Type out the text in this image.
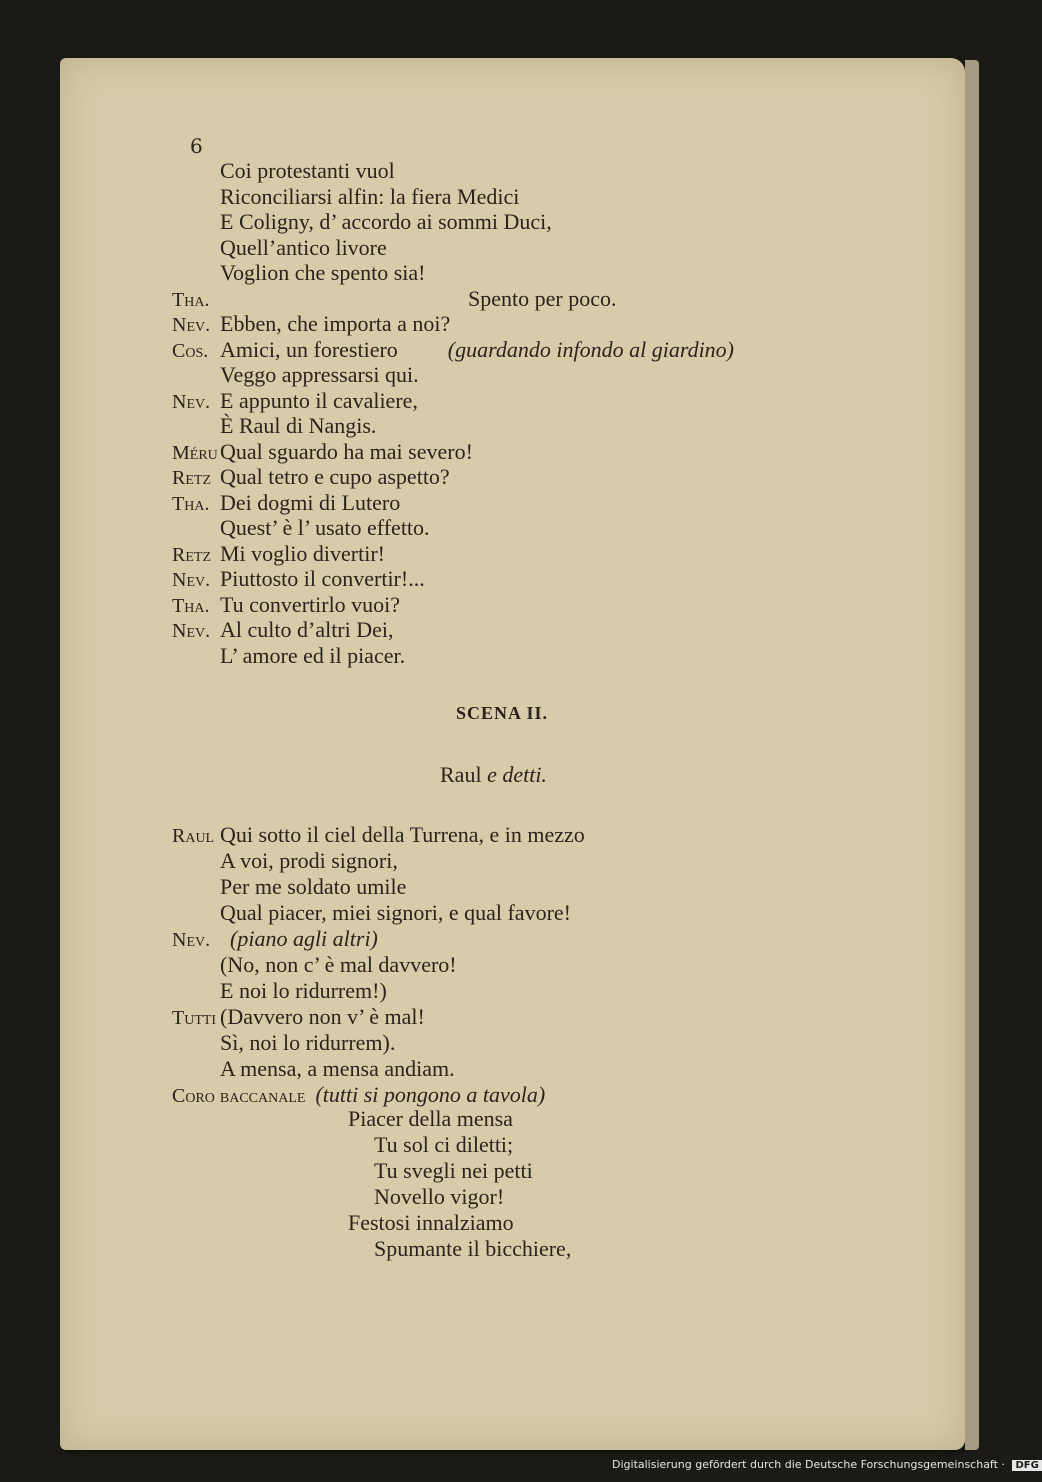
6
Coi protestanti vuol
Riconciliarsi alfin: la fiera Medici
E Coligny, d’ accordo ai sommi Duci,
Quell’antico livore
Voglion che spento sia!
Tha.	Spento per poco.
Nev. Ebben, che importa a noi?
Cos. Amici, un forestiero (guardando infondo al giardino)
Veggo appressarsi qui.
Nev. E appunto il cavaliere,
È Raul di Nangis.
Méru Qual sguardo ha mai severo!
Retz Qual tetro e cupo aspetto?
Tha. Dei dogmi di Lutero
Quest’ è l’ usato effetto.
Retz Mi voglio divertir!
Nev. Piuttosto il convertir!...
Tha. Tu convertirlo vuoi?
Nev. Al culto d’altri Dei,
L’ amore ed il piacer.
SCENA II.
Raul e detti.
Raul Qui sotto il ciel della Turrena, e in mezzo
A voi, prodi signori,
Per me soldato umile
Qual piacer, miei signori, e qual favore!
Nev. (piano agli altri)
(No, non c’ è mal davvero!
E noi lo ridurrem!)
Tutti (Davvero non v’ è mal!
Sì, noi lo ridurrem).
A mensa, a mensa andiam.
Coro baccanale (tutti si pongono a tavola)
Piacer della mensa
Tu sol ci diletti;
Tu svegli nei petti
Novello vigor!
Festosi innalziamo
Spumante il bicchiere,
Digitalisierung gefördert durch die Deutsche Forschungsgemeinschaft · DFG
